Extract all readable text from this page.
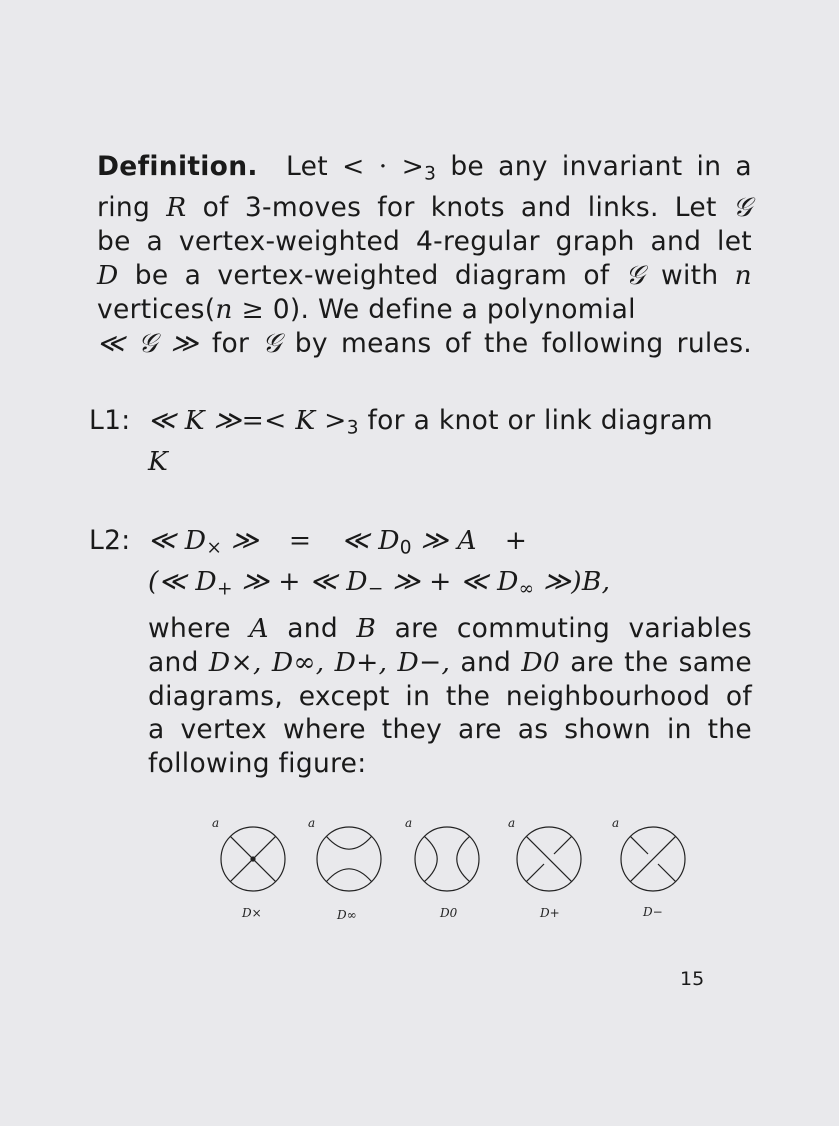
Definition. Let < · $>_3$ be any invariant in a
ring R of 3-moves for knots and links. Let 𝒢
be a vertex-weighted 4-regular graph and let
D be a vertex-weighted diagram of 𝒢 with n
vertices(n ≥ 0). We define a polynomial
≪ 𝒢 ≫ for 𝒢 by means of the following rules.
L1: ≪ K ≫=< $K >_3$ for a knot or link diagram
K
L2: ≪ $D_\times$ ≫ = ≪ $D_0$ ≫ A +
(≪ $D_+$ ≫ + ≪ $D_-$ ≫ + ≪ $D_\infty$ ≫)B,
where A and B are commuting variables
and D×, D∞, D+, D−, and D0 are the same
diagrams, except in the neighbourhood of
a vertex where they are as shown in the
following figure:
a
D×
a
D∞
a
D0
a
D+
a
D−
15
